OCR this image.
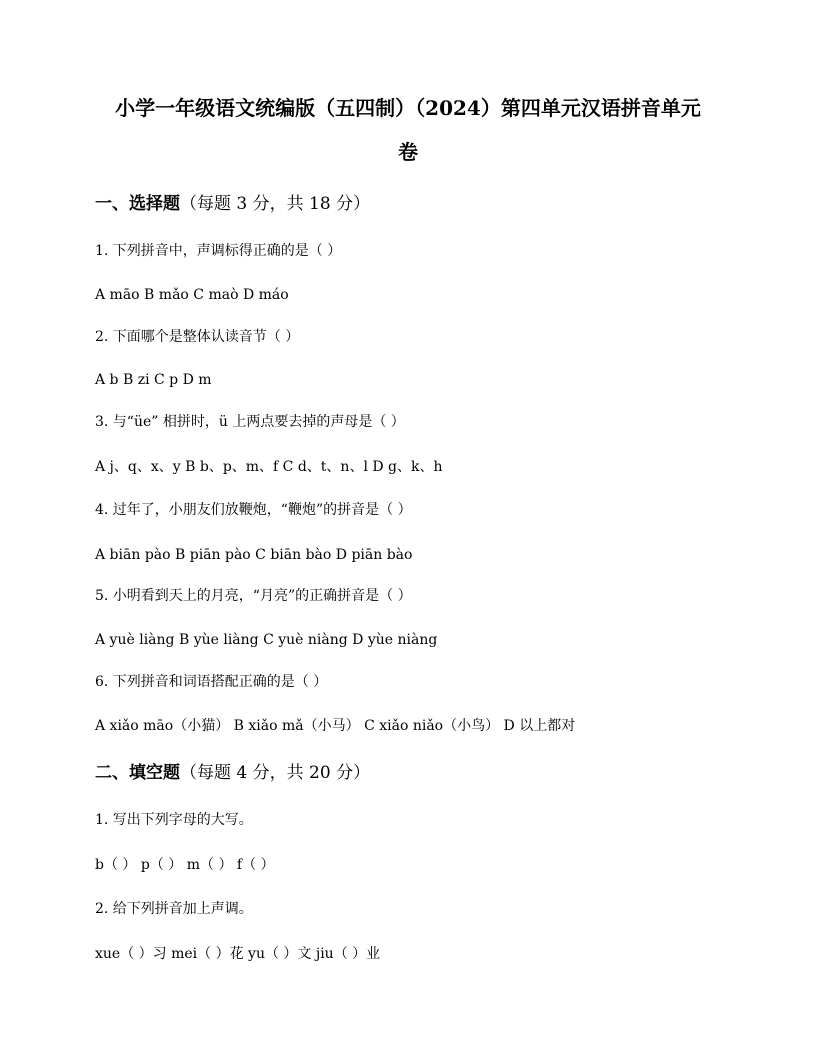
小学一年级语文统编版（五四制）（2024）第四单元汉语拼音单元
卷
一、选择题（每题 3 分，共 18 分）
1. 下列拼音中，声调标得正确的是（ ）
A māo B mǎo C maò D máo
2. 下面哪个是整体认读音节（ ）
A b B zi C p D m
3. 与“üe” 相拼时，ü 上两点要去掉的声母是（ ）
A j、q、x、y B b、p、m、f C d、t、n、l D g、k、h
4. 过年了，小朋友们放鞭炮，“鞭炮”的拼音是（ ）
A biān pào B piān pào C biān bào D piān bào
5. 小明看到天上的月亮，“月亮”的正确拼音是（ ）
A yuè liàng B yùe liàng C yuè niàng D yùe niàng
6. 下列拼音和词语搭配正确的是（ ）
A xiǎo māo（小猫） B xiǎo mǎ（小马） C xiǎo niǎo（小鸟） D 以上都对
二、填空题（每题 4 分，共 20 分）
1. 写出下列字母的大写。
b（ ） p（ ） m（ ） f（ ）
2. 给下列拼音加上声调。
xue（ ）习 mei（ ）花 yu（ ）文 jiu（ ）业
